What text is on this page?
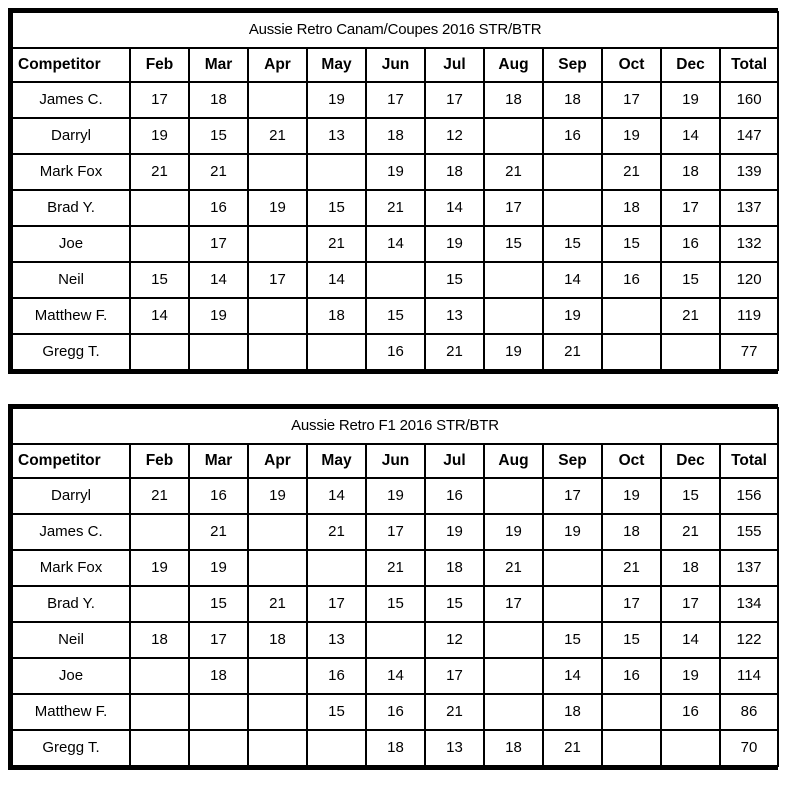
Aussie Retro Canam/Coupes 2016 STR/BTR											
Competitor	Feb	Mar	Apr	May	Jun	Jul	Aug	Sep	Oct	Dec	Total
James C.	17	18		19	17	17	18	18	17	19	160
Darryl	19	15	21	13	18	12		16	19	14	147
Mark Fox	21	21			19	18	21		21	18	139
Brad Y.		16	19	15	21	14	17		18	17	137
Joe		17		21	14	19	15	15	15	16	132
Neil	15	14	17	14		15		14	16	15	120
Matthew F.	14	19		18	15	13		19		21	119
Gregg T.					16	21	19	21			77
Aussie Retro F1 2016 STR/BTR											
Competitor	Feb	Mar	Apr	May	Jun	Jul	Aug	Sep	Oct	Dec	Total
Darryl	21	16	19	14	19	16		17	19	15	156
James C.		21		21	17	19	19	19	18	21	155
Mark Fox	19	19			21	18	21		21	18	137
Brad Y.		15	21	17	15	15	17		17	17	134
Neil	18	17	18	13		12		15	15	14	122
Joe		18		16	14	17		14	16	19	114
Matthew F.				15	16	21		18		16	86
Gregg T.					18	13	18	21			70
